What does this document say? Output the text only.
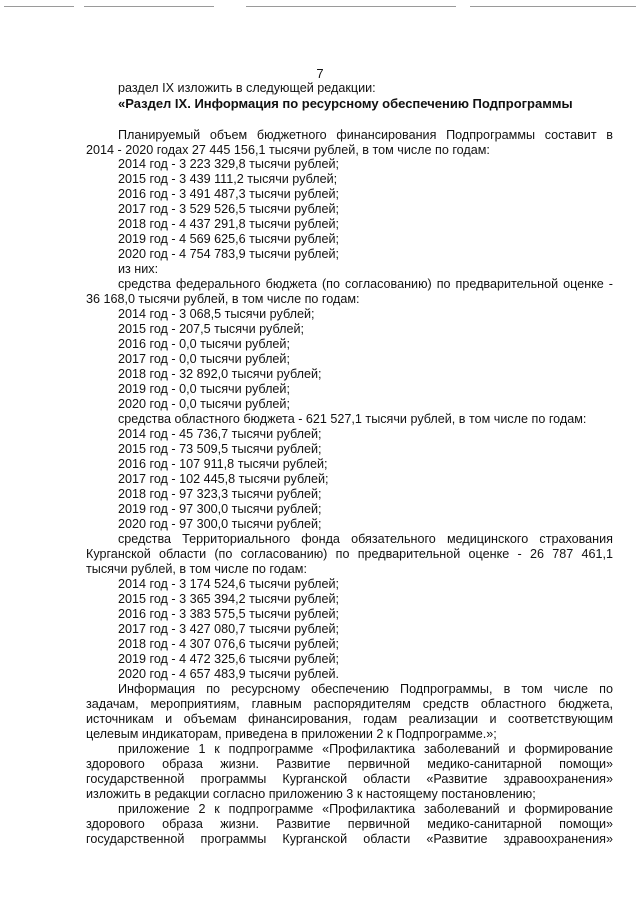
7
раздел IX изложить в следующей редакции:
«Раздел IX. Информация по ресурсному обеспечению Подпрограммы
Планируемый объем бюджетного финансирования Подпрограммы составит в
2014 - 2020 годах 27 445 156,1 тысячи рублей, в том числе по годам:
2014 год - 3 223 329,8 тысячи рублей;
2015 год - 3 439 111,2 тысячи рублей;
2016 год - 3 491 487,3 тысячи рублей;
2017 год - 3 529 526,5 тысячи рублей;
2018 год - 4 437 291,8 тысячи рублей;
2019 год - 4 569 625,6 тысячи рублей;
2020 год - 4 754 783,9 тысячи рублей;
из них:
средства федерального бюджета (по согласованию) по предварительной оценке -
36 168,0 тысячи рублей, в том числе по годам:
2014 год - 3 068,5 тысячи рублей;
2015 год - 207,5 тысячи рублей;
2016 год - 0,0 тысячи рублей;
2017 год - 0,0 тысячи рублей;
2018 год - 32 892,0 тысячи рублей;
2019 год - 0,0 тысячи рублей;
2020 год - 0,0 тысячи рублей;
средства областного бюджета - 621 527,1 тысячи рублей, в том числе по годам:
2014 год - 45 736,7 тысячи рублей;
2015 год - 73 509,5 тысячи рублей;
2016 год - 107 911,8 тысячи рублей;
2017 год - 102 445,8 тысячи рублей;
2018 год - 97 323,3 тысячи рублей;
2019 год - 97 300,0 тысячи рублей;
2020 год - 97 300,0 тысячи рублей;
средства Территориального фонда обязательного медицинского страхования
Курганской области (по согласованию) по предварительной оценке - 26 787 461,1
тысячи рублей, в том числе по годам:
2014 год - 3 174 524,6 тысячи рублей;
2015 год - 3 365 394,2 тысячи рублей;
2016 год - 3 383 575,5 тысячи рублей;
2017 год - 3 427 080,7 тысячи рублей;
2018 год - 4 307 076,6 тысячи рублей;
2019 год - 4 472 325,6 тысячи рублей;
2020 год - 4 657 483,9 тысячи рублей.
Информация по ресурсному обеспечению Подпрограммы, в том числе по
задачам, мероприятиям, главным распорядителям средств областного бюджета,
источникам и объемам финансирования, годам реализации и соответствующим
целевым индикаторам, приведена в приложении 2 к Подпрограмме.»;
приложение 1 к подпрограмме «Профилактика заболеваний и формирование
здорового образа жизни. Развитие первичной медико-санитарной помощи»
государственной программы Курганской области «Развитие здравоохранения»
изложить в редакции согласно приложению 3 к настоящему постановлению;
приложение 2 к подпрограмме «Профилактика заболеваний и формирование
здорового образа жизни. Развитие первичной медико-санитарной помощи»
государственной программы Курганской области «Развитие здравоохранения»
